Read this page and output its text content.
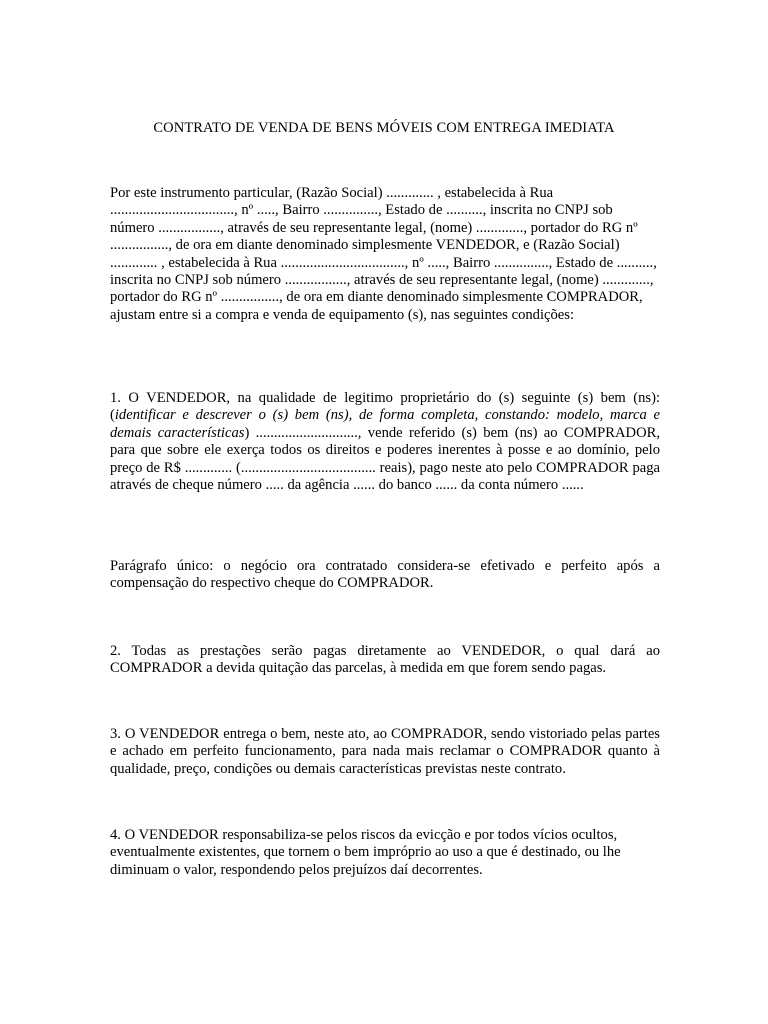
CONTRATO DE VENDA DE BENS MÓVEIS COM ENTREGA IMEDIATA

Por este instrumento particular, (Razão Social) ............. , estabelecida à Rua .................................., nº ....., Bairro ..............., Estado de .........., inscrita no CNPJ sob número ................., através de seu representante legal, (nome) ............., portador do RG nº ................, de ora em diante denominado simplesmente VENDEDOR, e (Razão Social) ............. , estabelecida à Rua .................................., nº ....., Bairro ..............., Estado de .........., inscrita no CNPJ sob número ................., através de seu representante legal, (nome) ............., portador do RG nº ................, de ora em diante denominado simplesmente COMPRADOR, ajustam entre si a compra e venda de equipamento (s), nas seguintes condições:

1. O VENDEDOR, na qualidade de legitimo proprietário do (s) seguinte (s) bem (ns): (identificar e descrever o (s) bem (ns), de forma completa, constando: modelo, marca e demais características) ............................, vende referido (s) bem (ns) ao COMPRADOR, para que sobre ele exerça todos os direitos e poderes inerentes à posse e ao domínio, pelo preço de R$ ............. (..................................... reais), pago neste ato pelo COMPRADOR paga através de cheque número ..... da agência ...... do banco ...... da conta número ......

Parágrafo único: o negócio ora contratado considera-se efetivado e perfeito após a compensação do respectivo cheque do COMPRADOR.

2. Todas as prestações serão pagas diretamente ao VENDEDOR, o qual dará ao COMPRADOR a devida quitação das parcelas, à medida em que forem sendo pagas.

3. O VENDEDOR entrega o bem, neste ato, ao COMPRADOR, sendo vistoriado pelas partes e achado em perfeito funcionamento, para nada mais reclamar o COMPRADOR quanto à qualidade, preço, condições ou demais características previstas neste contrato.

4. O VENDEDOR responsabiliza-se pelos riscos da evicção e por todos vícios ocultos, eventualmente existentes, que tornem o bem impróprio ao uso a que é destinado, ou lhe diminuam o valor, respondendo pelos prejuízos daí decorrentes.
